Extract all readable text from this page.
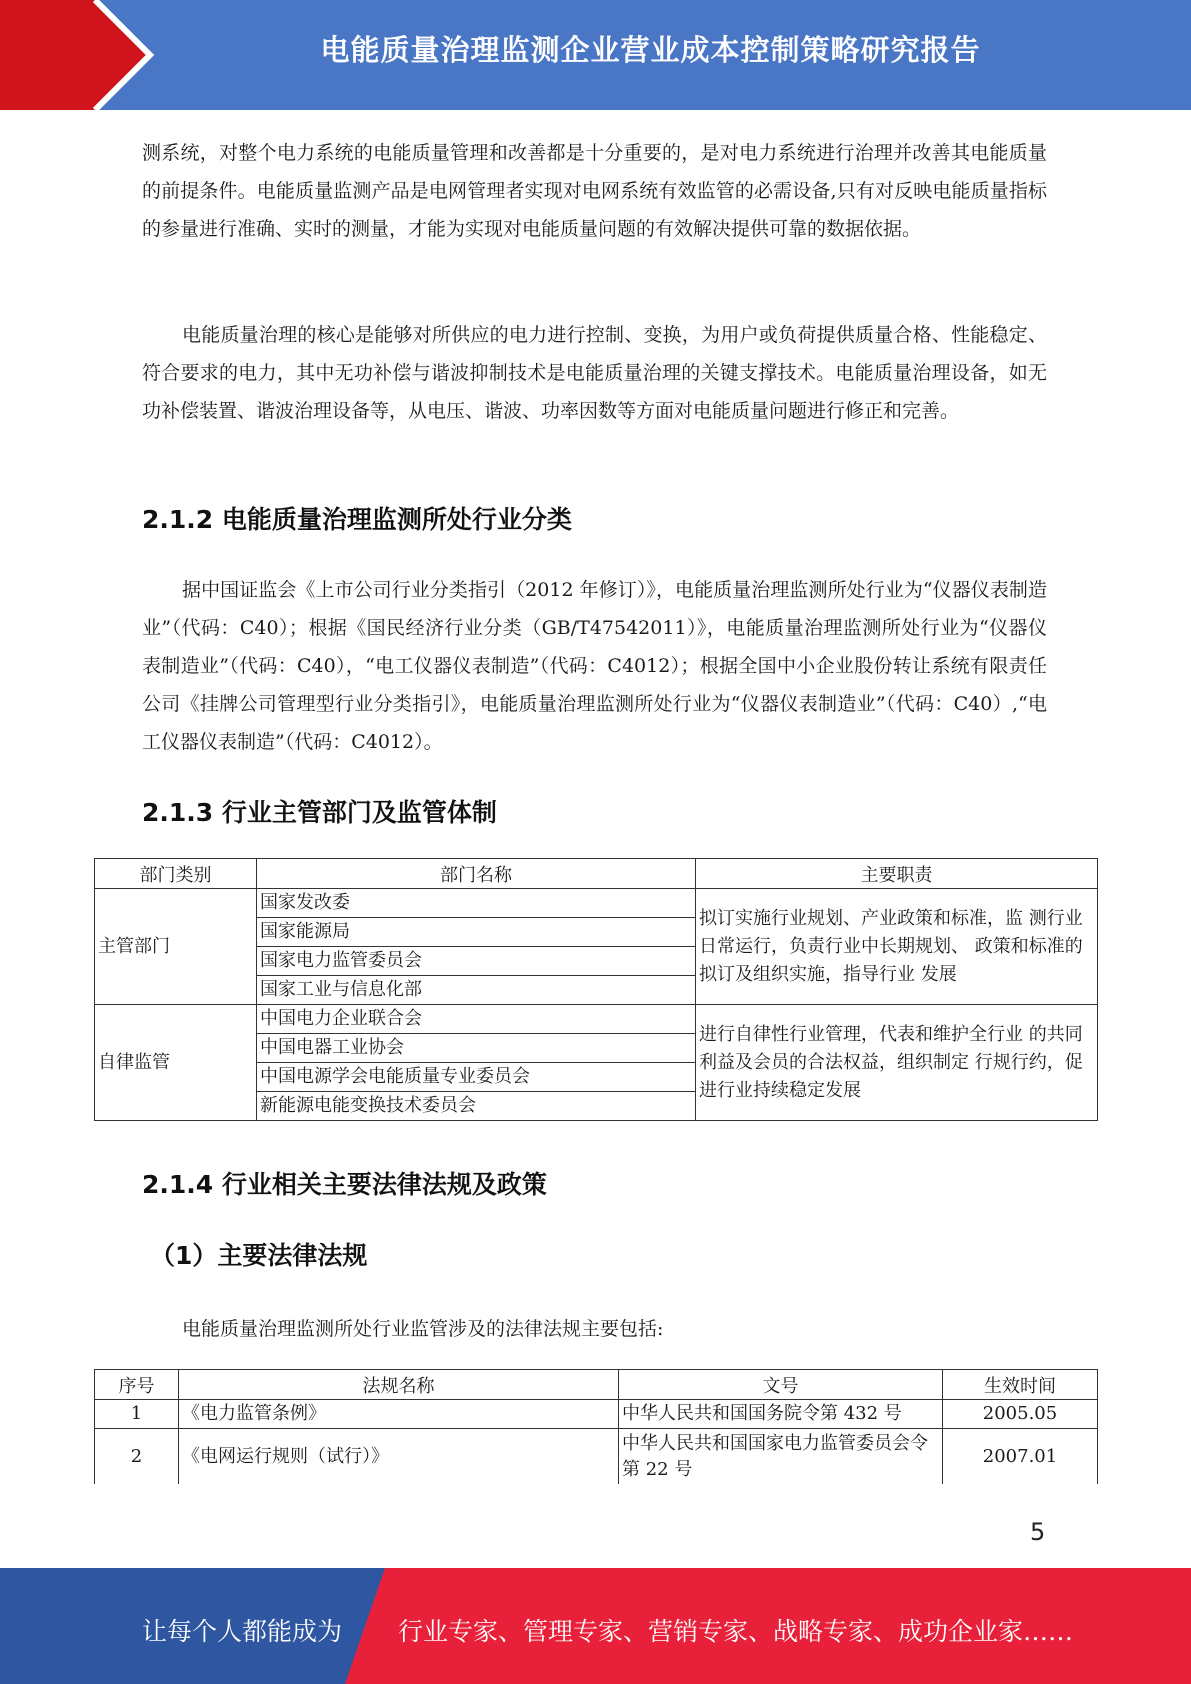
电能质量治理监测企业营业成本控制策略研究报告

测系统，对整个电力系统的电能质量管理和改善都是十分重要的，是对电力系统进行治理并改善其电能质量的前提条件。电能质量监测产品是电网管理者实现对电网系统有效监管的必需设备,只有对反映电能质量指标的参量进行准确、实时的测量，才能为实现对电能质量问题的有效解决提供可靠的数据依据。

电能质量治理的核心是能够对所供应的电力进行控制、变换，为用户或负荷提供质量合格、性能稳定、符合要求的电力，其中无功补偿与谐波抑制技术是电能质量治理的关键支撑技术。电能质量治理设备，如无功补偿装置、谐波治理设备等，从电压、谐波、功率因数等方面对电能质量问题进行修正和完善。

2.1.2 电能质量治理监测所处行业分类

据中国证监会《上市公司行业分类指引（2012 年修订）》，电能质量治理监测所处行业为“仪器仪表制造业”（代码：C40）；根据《国民经济行业分类（GB/T47542011）》，电能质量治理监测所处行业为“仪器仪表制造业”（代码：C40），“电工仪器仪表制造”（代码：C4012）；根据全国中小企业股份转让系统有限责任公司《挂牌公司管理型行业分类指引》，电能质量治理监测所处行业为“仪器仪表制造业”（代码：C40）,“电工仪器仪表制造”（代码：C4012）。

2.1.3 行业主管部门及监管体制
部门类别	部门名称	主要职责
主管部门	国家发改委	拟订实施行业规划、产业政策和标准，监 测行业日常运行，负责行业中长期规划、 政策和标准的拟订及组织实施，指导行业 发展
	国家能源局	
	国家电力监管委员会	
	国家工业与信息化部	
自律监管	中国电力企业联合会	进行自律性行业管理，代表和维护全行业 的共同利益及会员的合法权益，组织制定 行规行约，促进行业持续稳定发展
	中国电器工业协会	
	中国电源学会电能质量专业委员会	
	新能源电能变换技术委员会	
2.1.4 行业相关主要法律法规及政策
（1）主要法律法规

电能质量治理监测所处行业监管涉及的法律法规主要包括:

序号	法规名称	文号	生效时间
1	《电力监管条例》	中华人民共和国国务院令第 432 号	2005.05
2	《电网运行规则（试行）》	中华人民共和国国家电力监管委员会令第 22 号	2007.01
5
让每个人都能成为 行业专家、管理专家、营销专家、战略专家、成功企业家……
